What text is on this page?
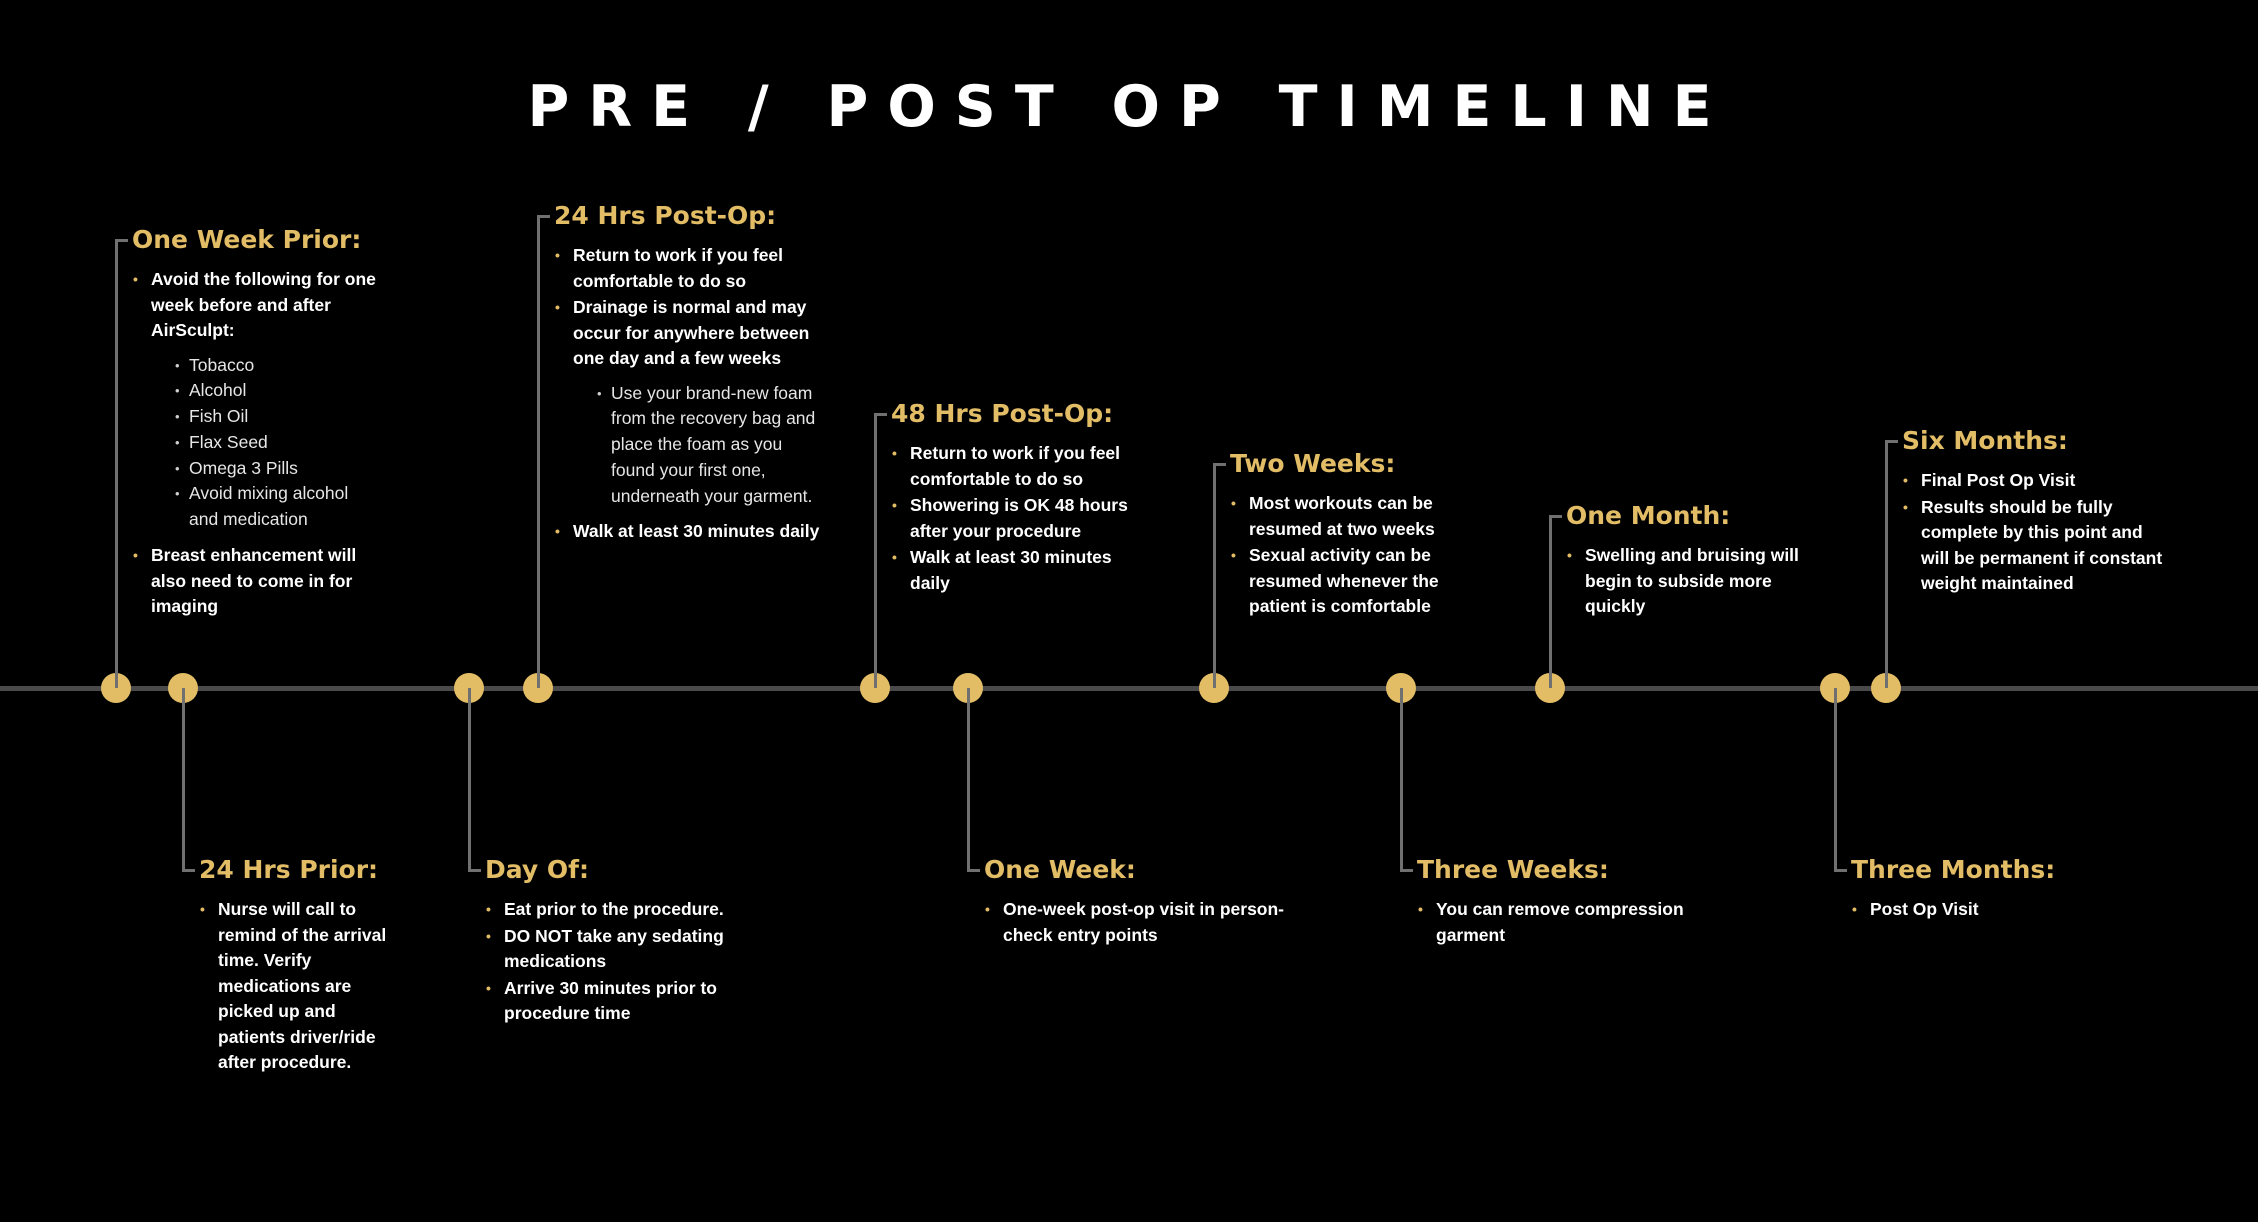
PRE / POST OP TIMELINE
One Week Prior:
• Avoid the following for one week before and after AirSculpt:
• Tobacco
• Alcohol
• Fish Oil
• Flax Seed
• Omega 3 Pills
• Avoid mixing alcohol and medication
• Breast enhancement will also need to come in for imaging
24 Hrs Prior:
• Nurse will call to remind of the arrival time. Verify medications are picked up and patients driver/ride after procedure.
Day Of:
• Eat prior to the procedure.
• DO NOT take any sedating medications
• Arrive 30 minutes prior to procedure time
24 Hrs Post-Op:
• Return to work if you feel comfortable to do so
• Drainage is normal and may occur for anywhere between one day and a few weeks
• Use your brand-new foam from the recovery bag and place the foam as you found your first one, underneath your garment.
• Walk at least 30 minutes daily
48 Hrs Post-Op:
• Return to work if you feel comfortable to do so
• Showering is OK 48 hours after your procedure
• Walk at least 30 minutes daily
One Week:
• One-week post-op visit in person- check entry points
Two Weeks:
• Most workouts can be resumed at two weeks
• Sexual activity can be resumed whenever the patient is comfortable
Three Weeks:
• You can remove compression garment
One Month:
• Swelling and bruising will begin to subside more quickly
Three Months:
• Post Op Visit
Six Months:
• Final Post Op Visit
• Results should be fully complete by this point and will be permanent if constant weight maintained
